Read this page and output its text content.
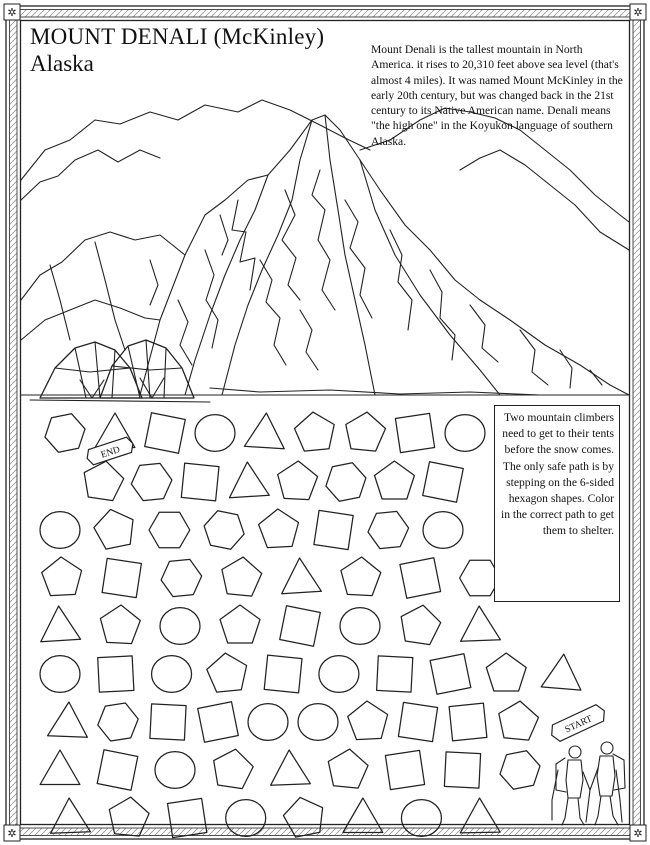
✲	✲
✲	✲
END
START
MOUNT DENALI (McKinley)
Alaska

Mount Denali is the tallest mountain in North America. it rises to 20,310 feet above sea level (that's almost 4 miles). It was named Mount McKinley in the early 20th century, but was changed back in the 21st century to its Native American name. Denali means "the high one" in the Koyukon language of southern Alaska.

Two mountain climbers need to get to their tents before the snow comes. The only safe path is by stepping on the 6-sided hexagon shapes. Color in the correct path to get them to shelter.
